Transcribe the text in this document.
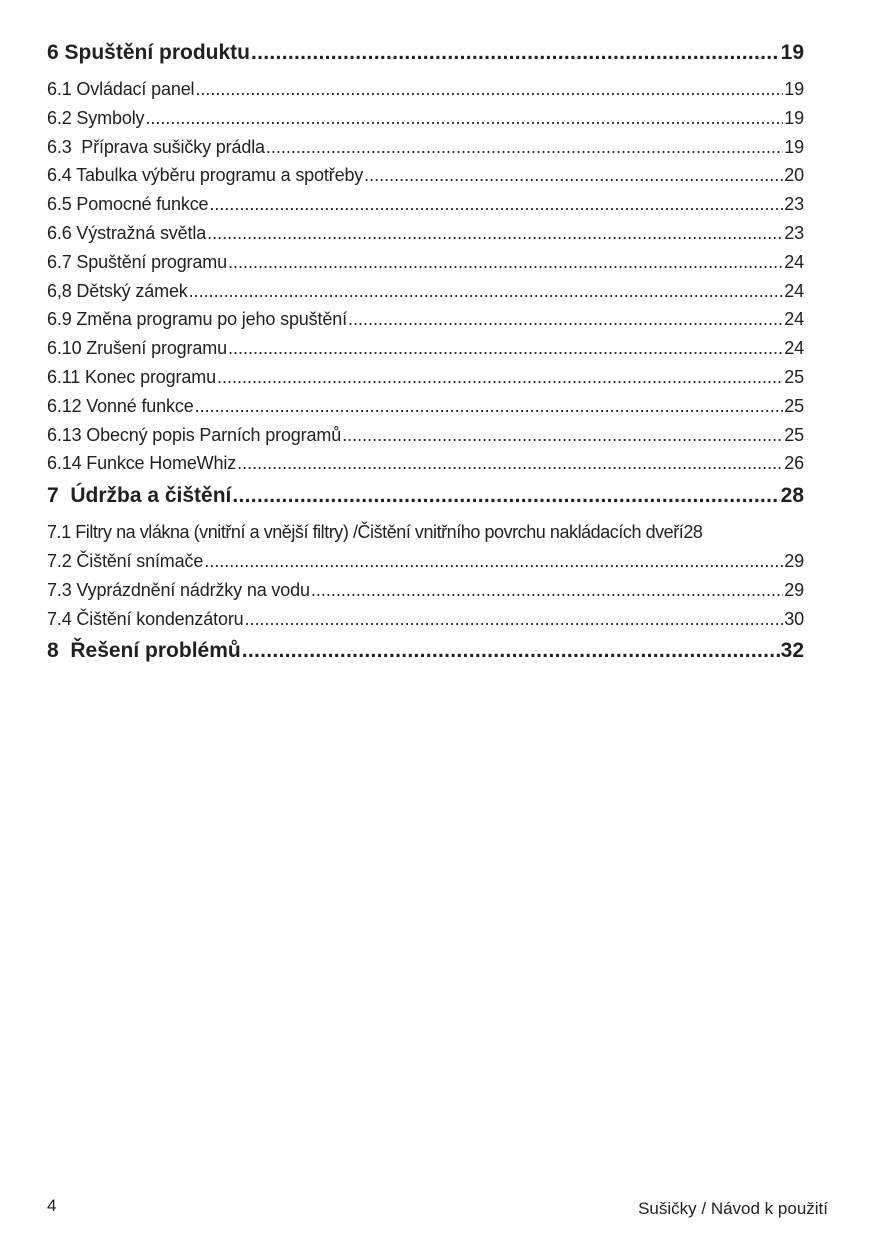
6 Spuštění produktu .....	19
6.1 Ovládací panel .....	19
6.2 Symboly .....	19
6.3  Příprava sušičky prádla .....	19
6.4 Tabulka výběru programu a spotřeby .....	20
6.5 Pomocné funkce .....	23
6.6 Výstražná světla .....	23
6.7 Spuštění programu .....	24
6,8 Dětský zámek .....	24
6.9 Změna programu po jeho spuštění .....	24
6.10 Zrušení programu .....	24
6.11 Konec programu .....	25
6.12 Vonné funkce .....	25
6.13 Obecný popis Parních programů .....	25
6.14 Funkce HomeWhiz .....	26
7  Údržba a čištění .....	28
7.1 Filtry na vlákna (vnitřní a vnější filtry) /Čištění vnitřního povrchu nakládacích dveří 28
7.2 Čištění snímače .....	29
7.3 Vyprázdnění nádržky na vodu .....	29
7.4 Čištění kondenzátoru .....	30
8  Řešení problémů .....	32
4	Sušičky / Návod k použití
